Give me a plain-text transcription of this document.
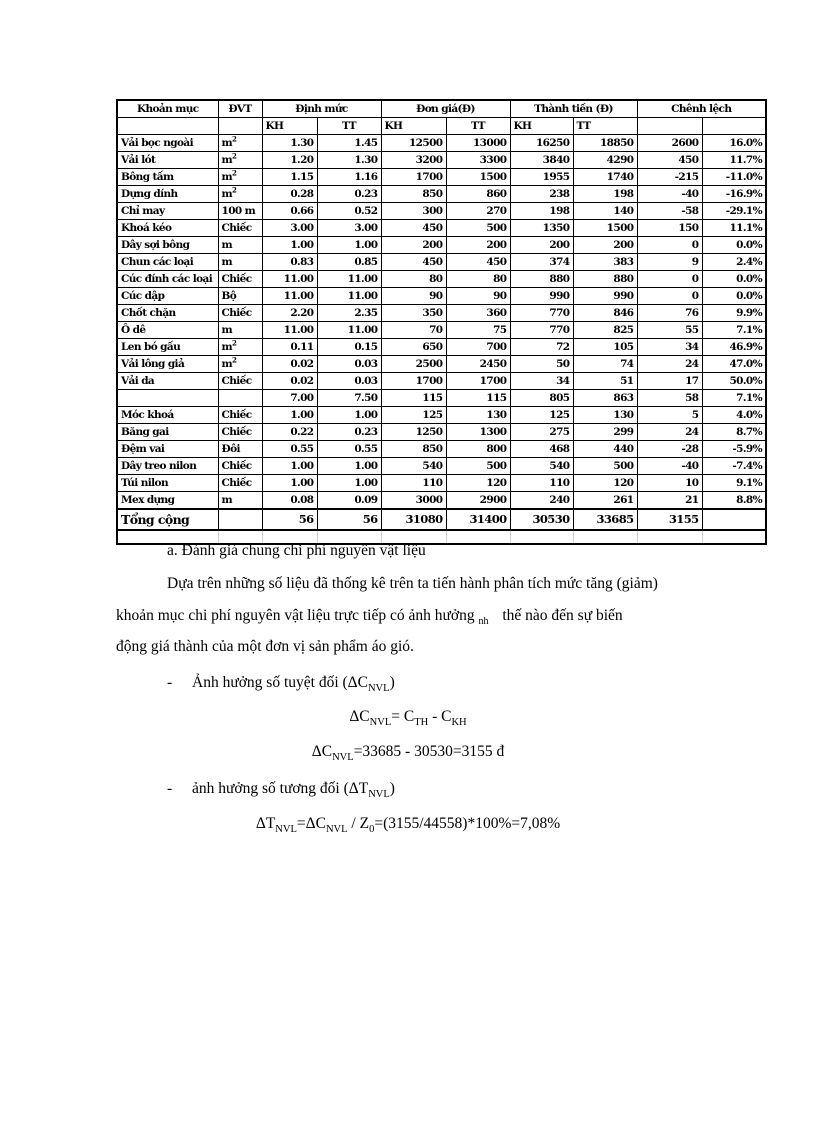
Khoản mục	ĐVT	Định mức		Đơn giá(Đ)		Thành tiền (Đ)		Chênh lệch	
		KH	TT	KH	TT	KH	TT		
Vải bọc ngoài	$m^2$	1.30	1.45	12500	13000	16250	18850	2600	16.0%
Vải lót	$m^2$	1.20	1.30	3200	3300	3840	4290	450	11.7%
Bông tấm	$m^2$	1.15	1.16	1700	1500	1955	1740	-215	-11.0%
Dựng dính	$m^2$	0.28	0.23	850	860	238	198	-40	-16.9%
Chỉ may	100 m	0.66	0.52	300	270	198	140	-58	-29.1%
Khoá kéo	Chiếc	3.00	3.00	450	500	1350	1500	150	11.1%
Dây sợi bông	m	1.00	1.00	200	200	200	200	0	0.0%
Chun các loại	m	0.83	0.85	450	450	374	383	9	2.4%
Cúc đính các loại	Chiếc	11.00	11.00	80	80	880	880	0	0.0%
Cúc dập	Bộ	11.00	11.00	90	90	990	990	0	0.0%
Chốt chặn	Chiếc	2.20	2.35	350	360	770	846	76	9.9%
Ô dê	m	11.00	11.00	70	75	770	825	55	7.1%
Len bó gấu	$m^2$	0.11	0.15	650	700	72	105	34	46.9%
Vải lông giả	$m^2$	0.02	0.03	2500	2450	50	74	24	47.0%
Vải da	Chiếc	0.02	0.03	1700	1700	34	51	17	50.0%
		7.00	7.50	115	115	805	863	58	7.1%
Móc khoá	Chiếc	1.00	1.00	125	130	125	130	5	4.0%
Băng gai	Chiếc	0.22	0.23	1250	1300	275	299	24	8.7%
Đệm vai	Đôi	0.55	0.55	850	800	468	440	-28	-5.9%
Dây treo nilon	Chiếc	1.00	1.00	540	500	540	500	-40	-7.4%
Túi nilon	Chiếc	1.00	1.00	110	120	110	120	10	9.1%
Mex dựng	m	0.08	0.09	3000	2900	240	261	21	8.8%
Tổng cộng		56	56	31080	31400	30530	33685	3155	

a. Đánh giá chung chi phí nguyên vật liệu
Dựa trên những số liệu đã thống kê trên ta tiến hành phân tích mức tăng (giảm)
khoản mục chi phí nguyên vật liệu trực tiếp có ảnh hưởng $_{nh}$ thế nào đến sự biến
động giá thành của một đơn vị sản phẩm áo gió.
- Ảnh hưởng số tuyệt đối $(\Delta C_{NVL})$
$\Delta C_{NVL}= C_{TH} - C_{KH}$
$\Delta C_{NVL}=33685 - 30530=3155$ đ
- ảnh hưởng số tương đối $(\Delta T_{NVL})$
$\Delta T_{NVL}=\Delta C_{NVL} / Z_0=(3155/44558)*100\%=7,08\%$
